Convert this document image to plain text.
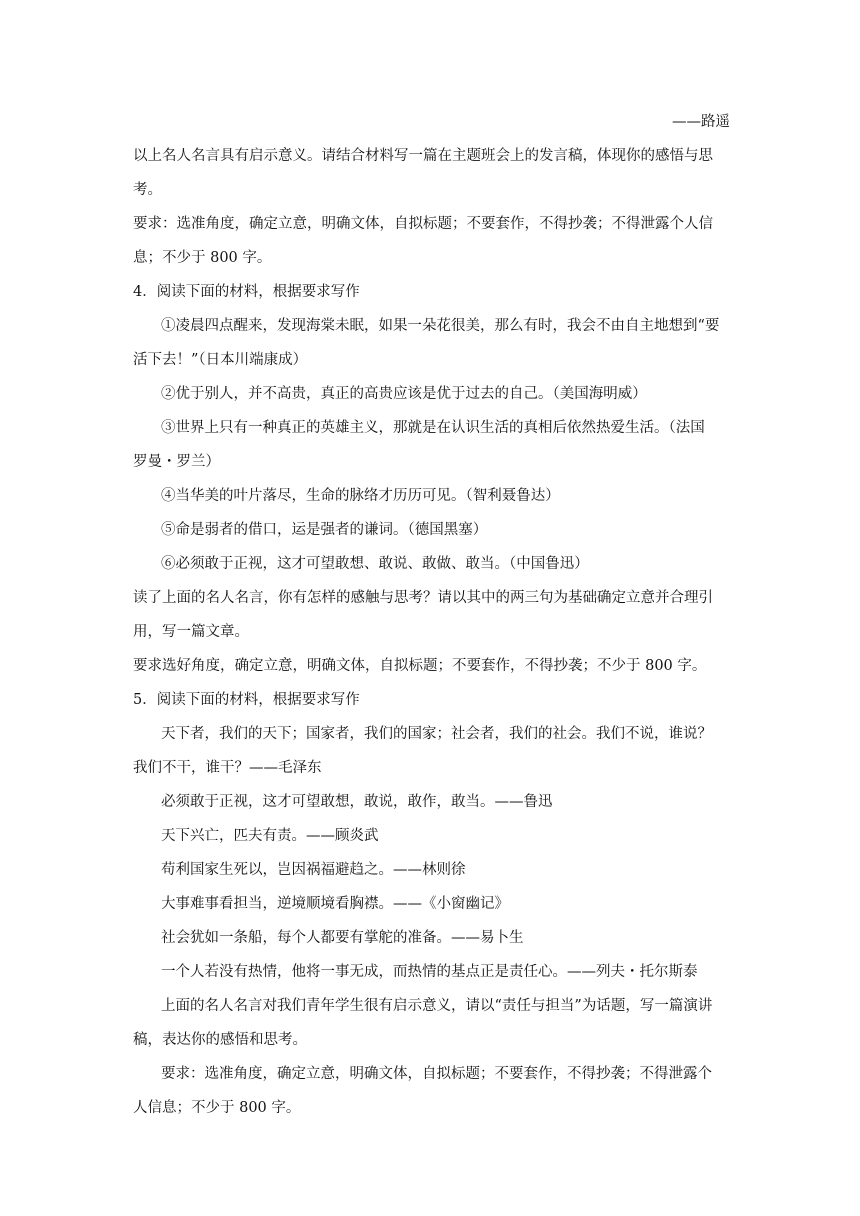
——路遥
以上名人名言具有启示意义。请结合材料写一篇在主题班会上的发言稿，体现你的感悟与思
考。
要求：选准角度，确定立意，明确文体，自拟标题；不要套作，不得抄袭；不得泄露个人信
息；不少于 800 字。
4．阅读下面的材料，根据要求写作
①凌晨四点醒来，发现海棠未眠，如果一朵花很美，那么有时，我会不由自主地想到“要
活下去！”（日本川端康成）
②优于别人，并不高贵，真正的高贵应该是优于过去的自己。（美国海明威）
③世界上只有一种真正的英雄主义，那就是在认识生活的真相后依然热爱生活。（法国
罗曼・罗兰）
④当华美的叶片落尽，生命的脉络才历历可见。（智利聂鲁达）
⑤命是弱者的借口，运是强者的谦词。（德国黑塞）
⑥必须敢于正视，这才可望敢想、敢说、敢做、敢当。（中国鲁迅）
读了上面的名人名言，你有怎样的感触与思考？请以其中的两三句为基础确定立意并合理引
用，写一篇文章。
要求选好角度，确定立意，明确文体，自拟标题；不要套作，不得抄袭；不少于 800 字。
5．阅读下面的材料，根据要求写作
天下者，我们的天下；国家者，我们的国家；社会者，我们的社会。我们不说，谁说？
我们不干，谁干？——毛泽东
必须敢于正视，这才可望敢想，敢说，敢作，敢当。——鲁迅
天下兴亡，匹夫有责。——顾炎武
苟利国家生死以，岂因祸福避趋之。——林则徐
大事难事看担当，逆境顺境看胸襟。——《小窗幽记》
社会犹如一条船，每个人都要有掌舵的准备。——易卜生
一个人若没有热情，他将一事无成，而热情的基点正是责任心。——列夫・托尔斯泰
上面的名人名言对我们青年学生很有启示意义，请以“责任与担当”为话题，写一篇演讲
稿，表达你的感悟和思考。
要求：选准角度，确定立意，明确文体，自拟标题；不要套作，不得抄袭；不得泄露个
人信息；不少于 800 字。
